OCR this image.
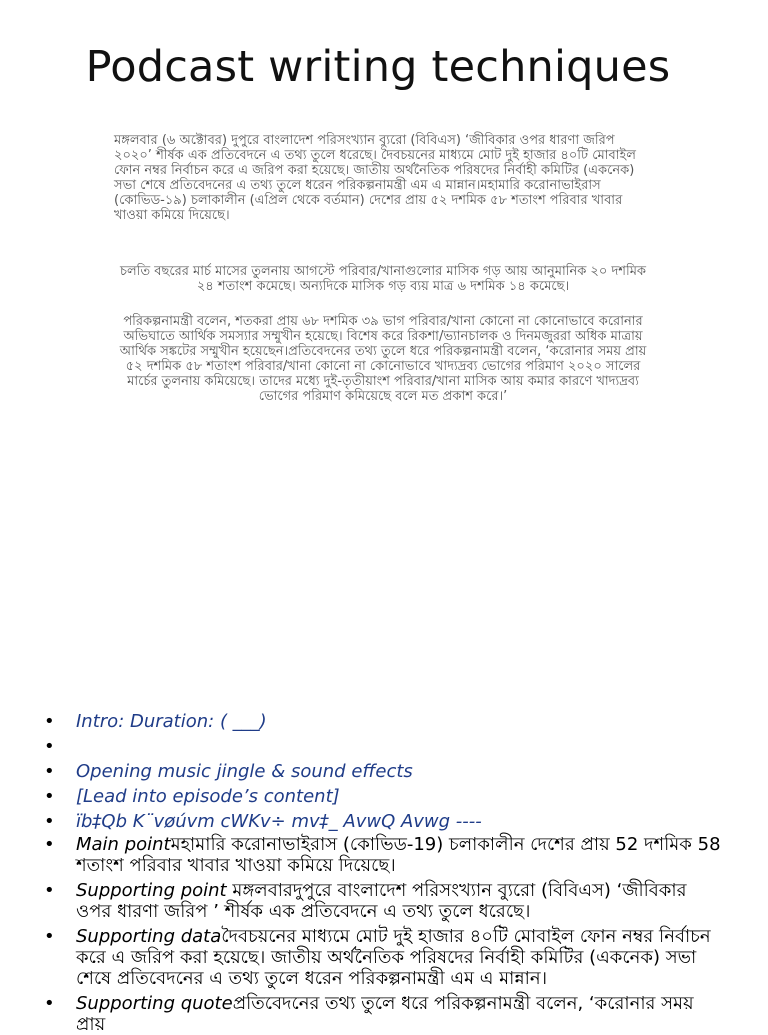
Podcast writing techniques
মঙ্গলবার (৬ অক্টোবর) দুপুরে বাংলাদেশ পরিসংখ্যান ব্যুরো (বিবিএস) ‘জীবিকার ওপর ধারণা জরিপ ২০২০’ শীর্ষক এক প্রতিবেদনে এ তথ্য তুলে ধরেছে। দৈবচয়নের মাধ্যমে মোট দুই হাজার ৪০টি মোবাইল ফোন নম্বর নির্বাচন করে এ জরিপ করা হয়েছে। জাতীয় অর্থনৈতিক পরিষদের নির্বাহী কমিটির (একনেক) সভা শেষে প্রতিবেদনের এ তথ্য তুলে ধরেন পরিকল্পনামন্ত্রী এম এ মান্নান।মহামারি করোনাভাইরাস (কোভিড-১৯) চলাকালীন (এপ্রিল থেকে বর্তমান) দেশের প্রায় ৫২ দশমিক ৫৮ শতাংশ পরিবার খাবার খাওয়া কমিয়ে দিয়েছে।
চলতি বছরের মার্চ মাসের তুলনায় আগস্টে পরিবার/খানাগুলোর মাসিক গড় আয় আনুমানিক ২০ দশমিক ২৪ শতাংশ কমেছে। অন্যদিকে মাসিক গড় ব্যয় মাত্র ৬ দশমিক ১৪ কমেছে।
পরিকল্পনামন্ত্রী বলেন, শতকরা প্রায় ৬৮ দশমিক ৩৯ ভাগ পরিবার/খানা কোনো না কোনোভাবে করোনার অভিঘাতে আর্থিক সমস্যার সম্মুখীন হয়েছে। বিশেষ করে রিকশা/ভ্যানচালক ও দিনমজুররা অধিক মাত্রায় আর্থিক সঙ্কটের সম্মুখীন হয়েছেন।প্রতিবেদনের তথ্য তুলে ধরে পরিকল্পনামন্ত্রী বলেন, ‘করোনার সময় প্রায় ৫২ দশমিক ৫৮ শতাংশ পরিবার/খানা কোনো না কোনোভাবে খাদ্যদ্রব্য ভোগের পরিমাণ ২০২০ সালের মার্চের তুলনায় কমিয়েছে। তাদের মধ্যে দুই-তৃতীয়াংশ পরিবার/খানা মাসিক আয় কমার কারণে খাদ্যদ্রব্য ভোগের পরিমাণ কমিয়েছে বলে মত প্রকাশ করে।’
• Intro: Duration: ( ___)
•

• Opening music jingle & sound effects
• [Lead into episode’s content]
• ïb‡Qb K¨vøúvm cWKv÷ mv‡_ AvwQ Avwg ----
• Main pointমহামারি করোনাভাইরাস (কোভিড-19) চলাকালীন দেশের প্রায় 52 দশমিক 58 শতাংশ পরিবার খাবার খাওয়া কমিয়ে দিয়েছে।
• Supporting point মঙ্গলবারদুপুরে বাংলাদেশ পরিসংখ্যান ব্যুরো (বিবিএস) ‘জীবিকার ওপর ধারণা জরিপ ’ শীর্ষক এক প্রতিবেদনে এ তথ্য তুলে ধরেছে।
• Supporting dataদৈবচয়নের মাধ্যমে মোট দুই হাজার ৪০টি মোবাইল ফোন নম্বর নির্বাচন করে এ জরিপ করা হয়েছে। জাতীয় অর্থনৈতিক পরিষদের নির্বাহী কমিটির (একনেক) সভা শেষে প্রতিবেদনের এ তথ্য তুলে ধরেন পরিকল্পনামন্ত্রী এম এ মান্নান।
• Supporting quoteপ্রতিবেদনের তথ্য তুলে ধরে পরিকল্পনামন্ত্রী বলেন, ‘করোনার সময় প্রায়
